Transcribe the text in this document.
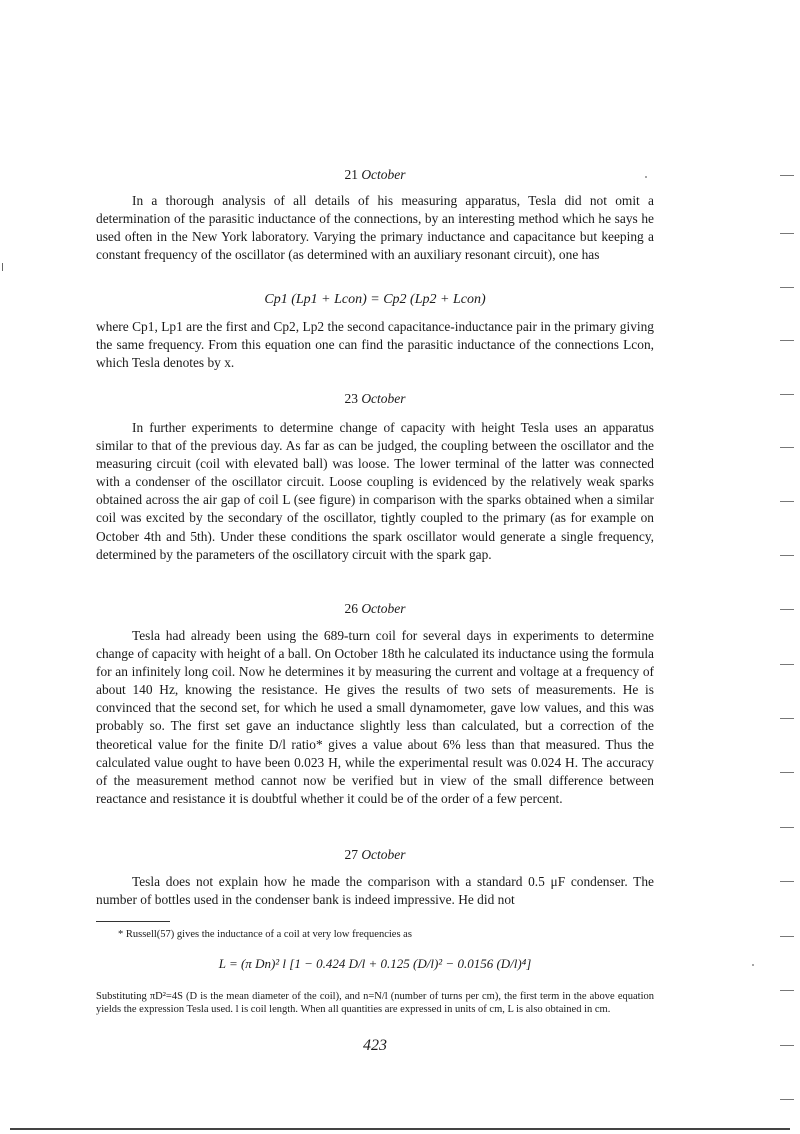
21 October

In a thorough analysis of all details of his measuring apparatus, Tesla did not omit a determination of the parasitic inductance of the connections, by an interesting method which he says he used often in the New York laboratory. Varying the primary inductance and capacitance but keeping a constant frequency of the oscillator (as determined with an auxiliary resonant circuit), one has

Cp1 (Lp1 + Lcon) = Cp2 (Lp2 + Lcon)

where Cp1, Lp1 are the first and Cp2, Lp2 the second capacitance-inductance pair in the primary giving the same frequency. From this equation one can find the parasitic inductance of the connections Lcon, which Tesla denotes by x.

23 October

In further experiments to determine change of capacity with height Tesla uses an apparatus similar to that of the previous day. As far as can be judged, the coupling between the oscillator and the measuring circuit (coil with elevated ball) was loose. The lower terminal of the latter was connected with a condenser of the oscillator circuit. Loose coupling is evidenced by the relatively weak sparks obtained across the air gap of coil L (see figure) in comparison with the sparks obtained when a similar coil was excited by the secondary of the oscillator, tightly coupled to the primary (as for example on October 4th and 5th). Under these conditions the spark oscillator would generate a single frequency, determined by the parameters of the oscillatory circuit with the spark gap.

26 October

Tesla had already been using the 689-turn coil for several days in experiments to determine change of capacity with height of a ball. On October 18th he calculated its inductance using the formula for an infinitely long coil. Now he determines it by measuring the current and voltage at a frequency of about 140 Hz, knowing the resistance. He gives the results of two sets of measurements. He is convinced that the second set, for which he used a small dynamometer, gave low values, and this was probably so. The first set gave an inductance slightly less than calculated, but a correction of the theoretical value for the finite D/l ratio* gives a value about 6% less than that measured. Thus the calculated value ought to have been 0.023 H, while the experimental result was 0.024 H. The accuracy of the measurement method cannot now be verified but in view of the small difference between reactance and resistance it is doubtful whether it could be of the order of a few percent.

27 October

Tesla does not explain how he made the comparison with a standard 0.5 μF condenser. The number of bottles used in the condenser bank is indeed impressive. He did not

* Russell(57) gives the inductance of a coil at very low frequencies as
L = (π Dn)² l [1 − 0.424 D/l + 0.125 (D/l)² − 0.0156 (D/l)⁴]
Substituting πD²=4S (D is the mean diameter of the coil), and n=N/l (number of turns per cm), the first term in the above equation yields the expression Tesla used. l is coil length. When all quantities are expressed in units of cm, L is also obtained in cm.
423
